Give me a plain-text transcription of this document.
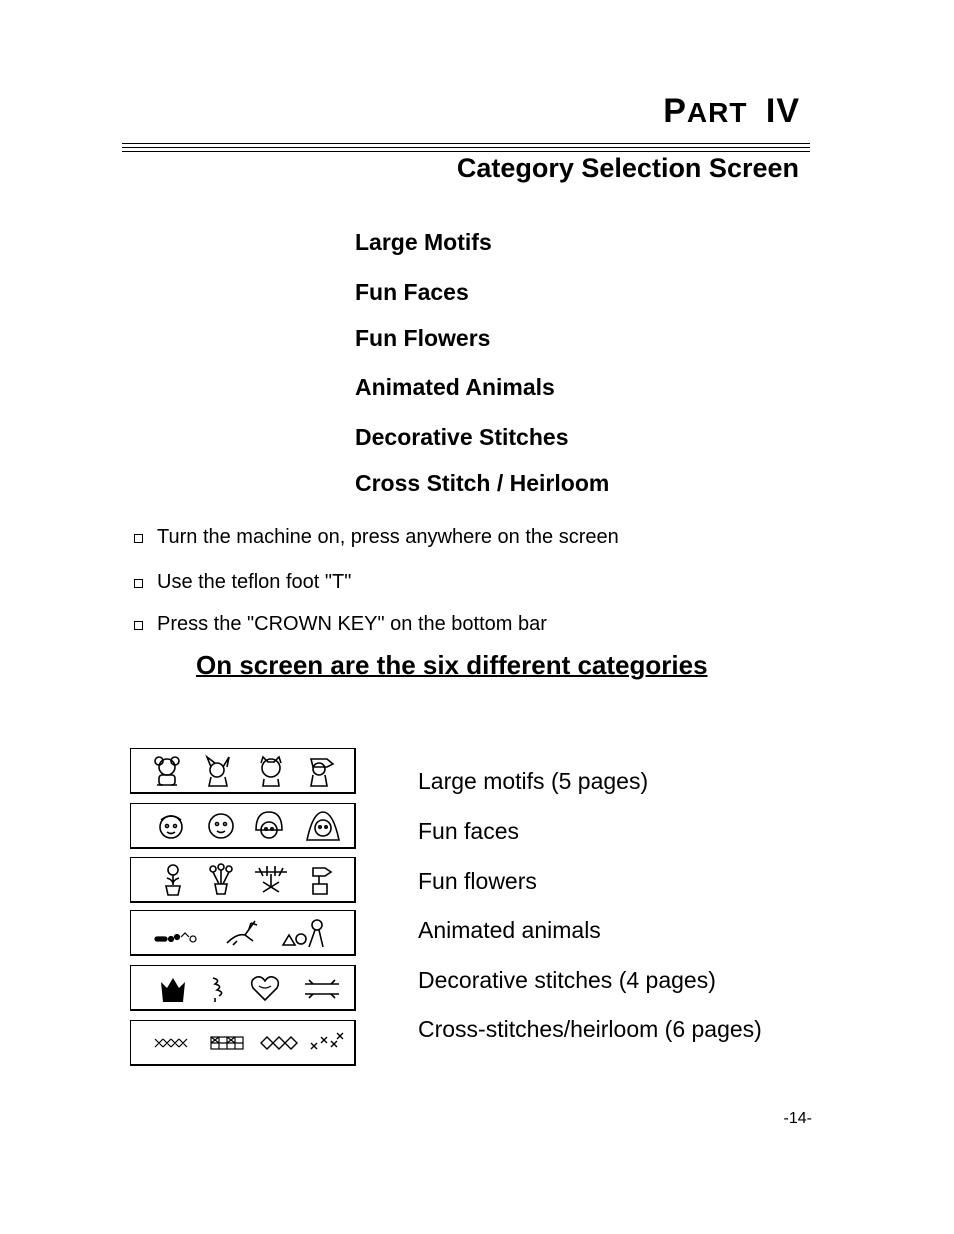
PART IV
Category Selection Screen
Large Motifs
Fun Faces
Fun Flowers
Animated Animals
Decorative Stitches
Cross Stitch / Heirloom
Turn the machine on, press anywhere on the screen
Use the teflon foot "T"
Press the "CROWN KEY" on the bottom bar
On screen are the six different categories
Large motifs (5 pages)
Fun faces
Fun flowers
Animated animals
Decorative stitches (4 pages)
Cross-stitches/heirloom (6 pages)
-14-
